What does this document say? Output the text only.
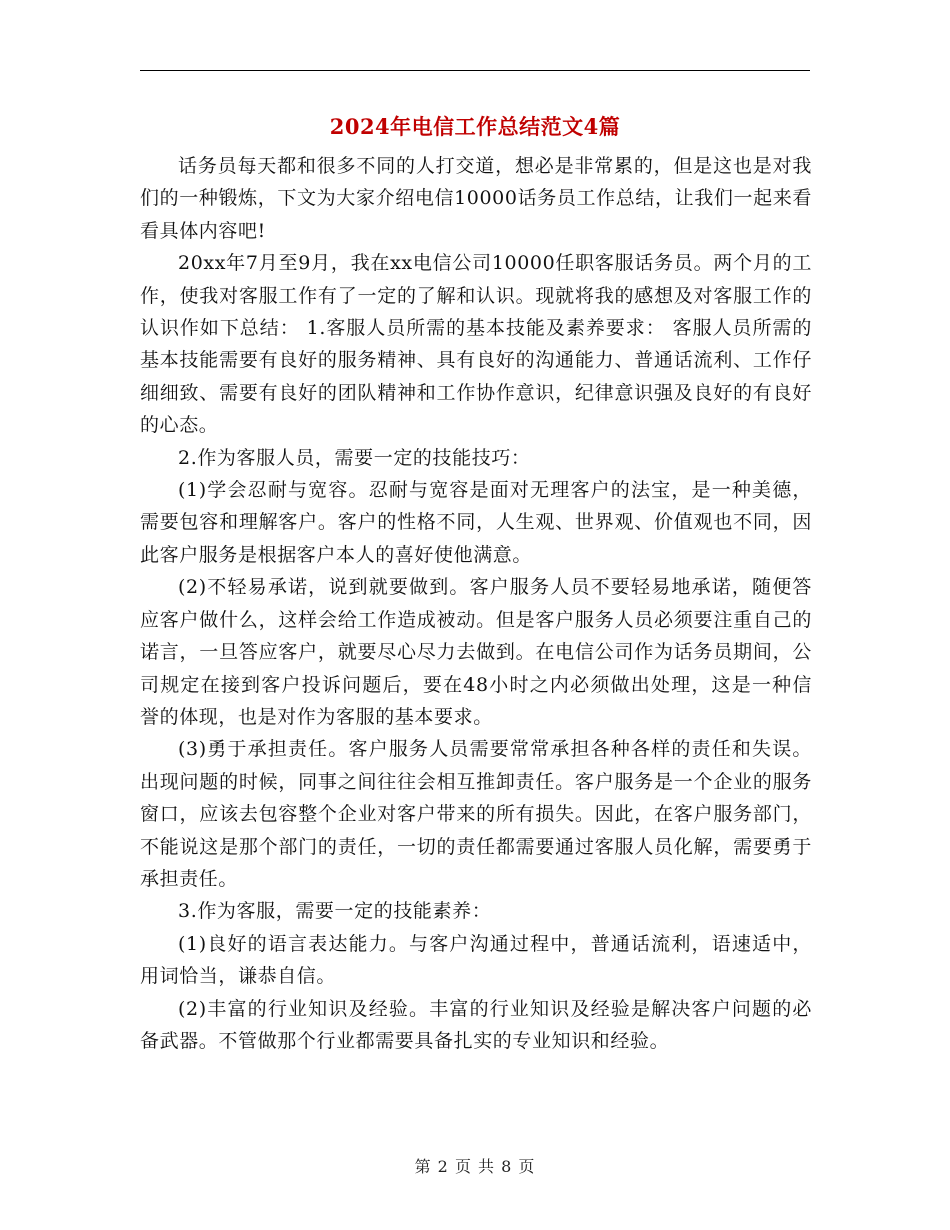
2024年电信工作总结范文4篇

话务员每天都和很多不同的人打交道，想必是非常累的，但是这也是对我们的一种锻炼，下文为大家介绍电信10000话务员工作总结，让我们一起来看看具体内容吧!

20xx年7月至9月，我在xx电信公司10000任职客服话务员。两个月的工作，使我对客服工作有了一定的了解和认识。现就将我的感想及对客服工作的认识作如下总结： 1.客服人员所需的基本技能及素养要求： 客服人员所需的基本技能需要有良好的服务精神、具有良好的沟通能力、普通话流利、工作仔细细致、需要有良好的团队精神和工作协作意识，纪律意识强及良好的有良好的心态。

2.作为客服人员，需要一定的技能技巧：

(1)学会忍耐与宽容。忍耐与宽容是面对无理客户的法宝，是一种美德，需要包容和理解客户。客户的性格不同，人生观、世界观、价值观也不同，因此客户服务是根据客户本人的喜好使他满意。

(2)不轻易承诺，说到就要做到。客户服务人员不要轻易地承诺，随便答应客户做什么，这样会给工作造成被动。但是客户服务人员必须要注重自己的诺言，一旦答应客户，就要尽心尽力去做到。在电信公司作为话务员期间，公司规定在接到客户投诉问题后，要在48小时之内必须做出处理，这是一种信誉的体现，也是对作为客服的基本要求。

(3)勇于承担责任。客户服务人员需要常常承担各种各样的责任和失误。出现问题的时候，同事之间往往会相互推卸责任。客户服务是一个企业的服务窗口，应该去包容整个企业对客户带来的所有损失。因此，在客户服务部门，不能说这是那个部门的责任，一切的责任都需要通过客服人员化解，需要勇于承担责任。

3.作为客服，需要一定的技能素养：

(1)良好的语言表达能力。与客户沟通过程中，普通话流利，语速适中，用词恰当，谦恭自信。

(2)丰富的行业知识及经验。丰富的行业知识及经验是解决客户问题的必备武器。不管做那个行业都需要具备扎实的专业知识和经验。

第 2 页 共 8 页
